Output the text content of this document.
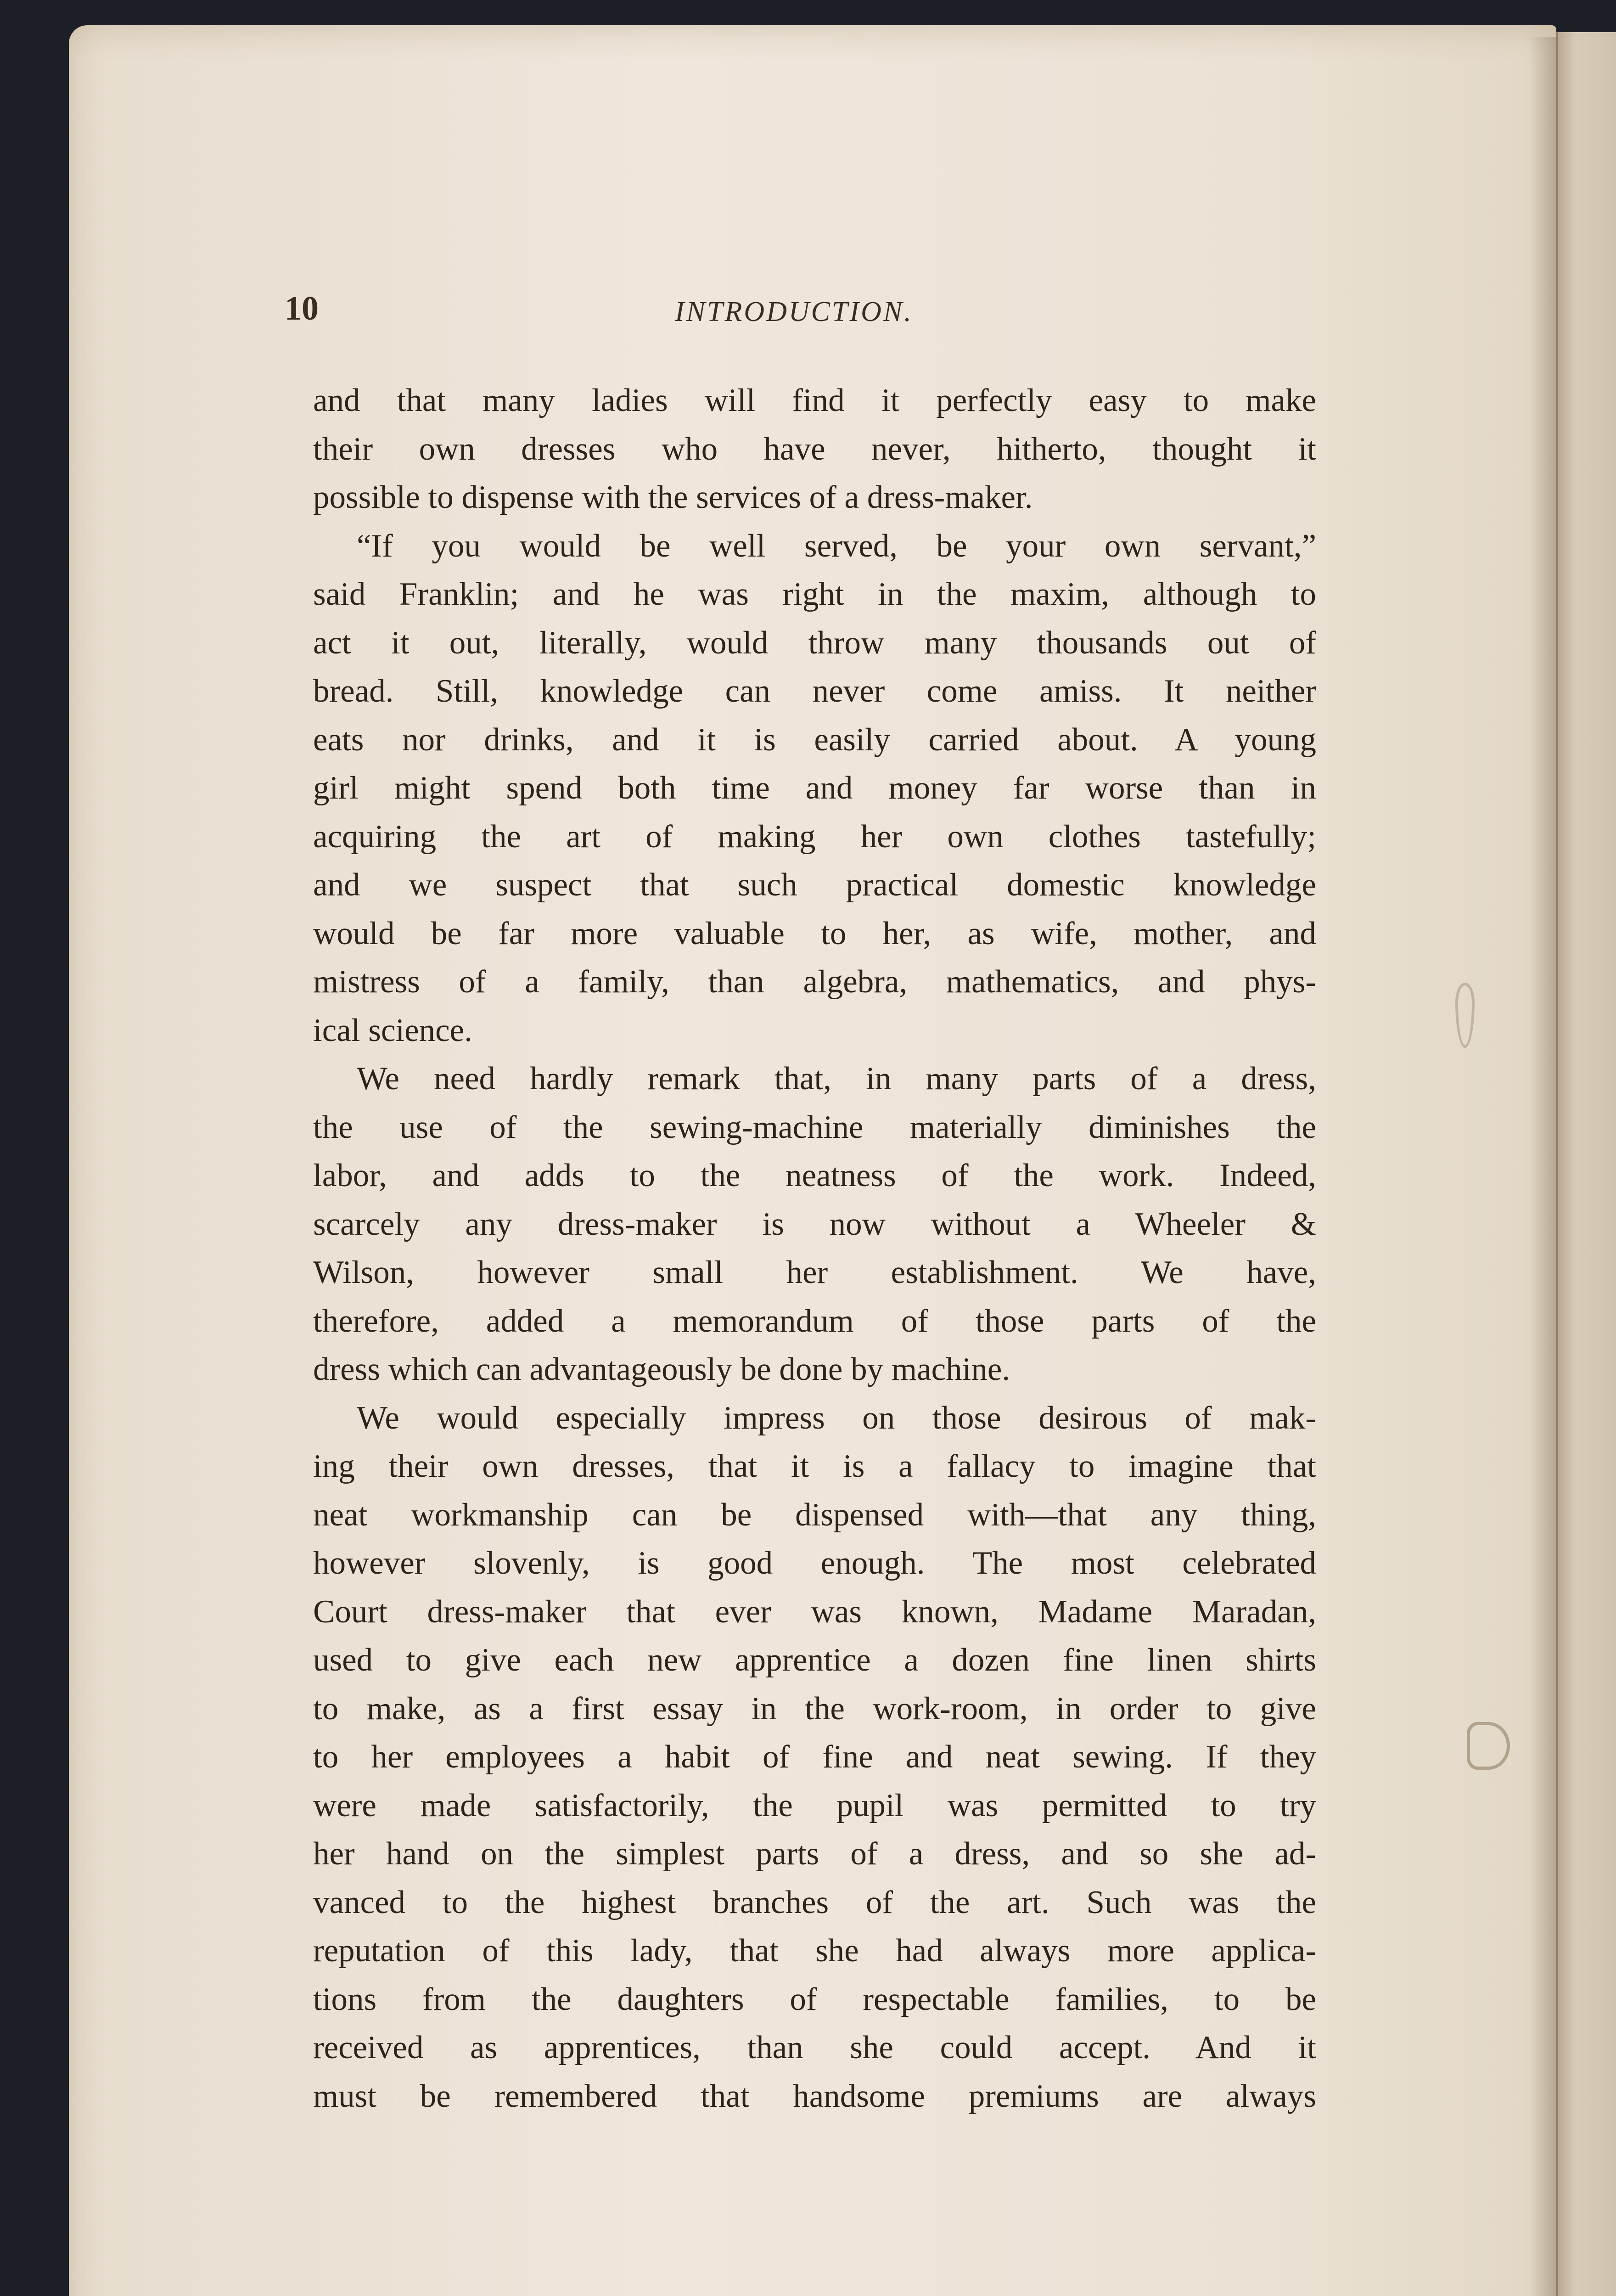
10	INTRODUCTION.
and that many ladies will find it perfectly easy to make
their own dresses who have never, hitherto, thought it
possible to dispense with the services of a dress-maker.
“If you would be well served, be your own servant,”
said Franklin; and he was right in the maxim, although to
act it out, literally, would throw many thousands out of
bread. Still, knowledge can never come amiss. It neither
eats nor drinks, and it is easily carried about. A young
girl might spend both time and money far worse than in
acquiring the art of making her own clothes tastefully;
and we suspect that such practical domestic knowledge
would be far more valuable to her, as wife, mother, and
mistress of a family, than algebra, mathematics, and phys-
ical science.
We need hardly remark that, in many parts of a dress,
the use of the sewing-machine materially diminishes the
labor, and adds to the neatness of the work. Indeed,
scarcely any dress-maker is now without a Wheeler &
Wilson, however small her establishment. We have,
therefore, added a memorandum of those parts of the
dress which can advantageously be done by machine.
We would especially impress on those desirous of mak-
ing their own dresses, that it is a fallacy to imagine that
neat workmanship can be dispensed with—that any thing,
however slovenly, is good enough. The most celebrated
Court dress-maker that ever was known, Madame Maradan,
used to give each new apprentice a dozen fine linen shirts
to make, as a first essay in the work-room, in order to give
to her employees a habit of fine and neat sewing. If they
were made satisfactorily, the pupil was permitted to try
her hand on the simplest parts of a dress, and so she ad-
vanced to the highest branches of the art. Such was the
reputation of this lady, that she had always more applica-
tions from the daughters of respectable families, to be
received as apprentices, than she could accept. And it
must be remembered that handsome premiums are always
